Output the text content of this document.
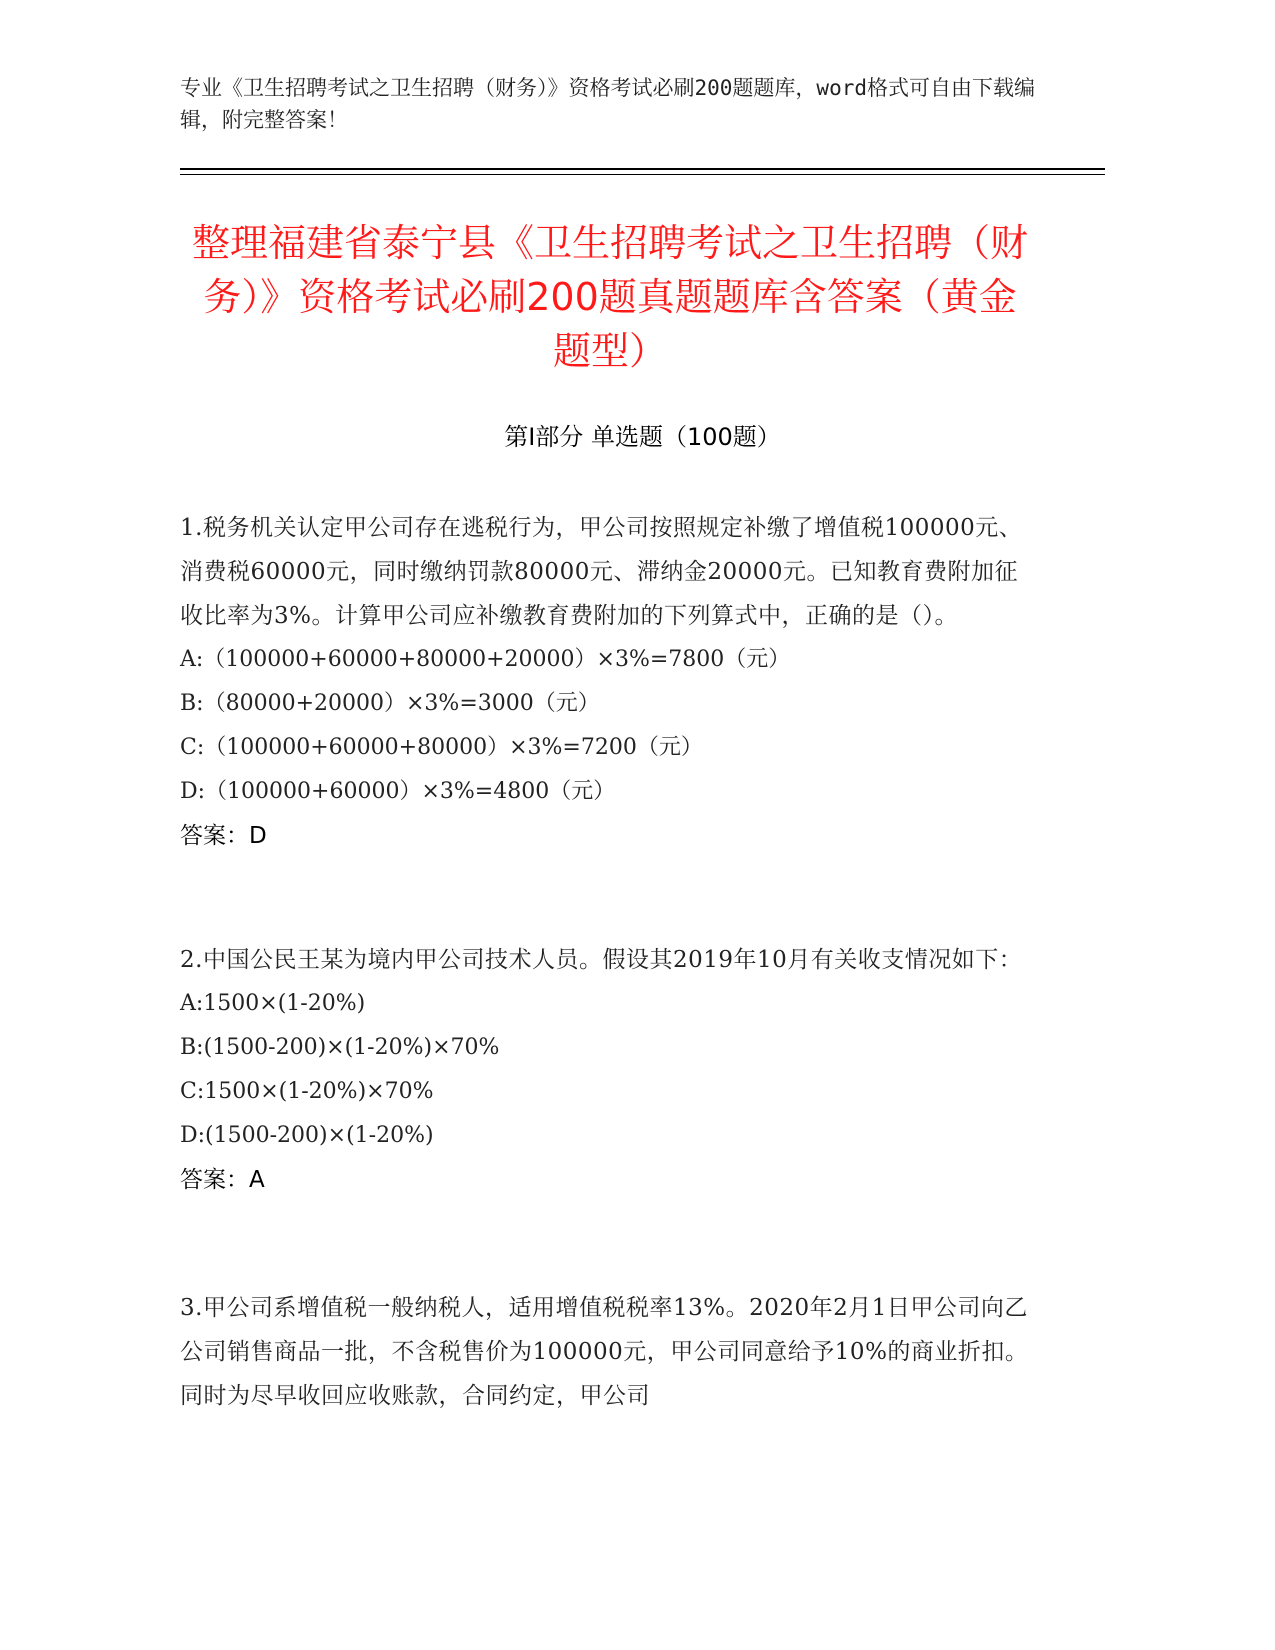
专业《卫生招聘考试之卫生招聘（财务）》资格考试必刷200题题库，word格式可自由下载编辑，附完整答案！
整理福建省泰宁县《卫生招聘考试之卫生招聘（财务）》资格考试必刷200题真题题库含答案（黄金题型）
第Ⅰ部分 单选题（100题）
1.税务机关认定甲公司存在逃税行为，甲公司按照规定补缴了增值税100000元、消费税60000元，同时缴纳罚款80000元、滞纳金20000元。已知教育费附加征收比率为3%。计算甲公司应补缴教育费附加的下列算式中，正确的是（）。
A:（100000+60000+80000+20000）×3%=7800（元）
B:（80000+20000）×3%=3000（元）
C:（100000+60000+80000）×3%=7200（元）
D:（100000+60000）×3%=4800（元）
答案：D
2.中国公民王某为境内甲公司技术人员。假设其2019年10月有关收支情况如下：
A:1500×(1-20%)
B:(1500-200)×(1-20%)×70%
C:1500×(1-20%)×70%
D:(1500-200)×(1-20%)
答案：A
3.甲公司系增值税一般纳税人，适用增值税税率13%。2020年2月1日甲公司向乙公司销售商品一批，不含税售价为100000元，甲公司同意给予10%的商业折扣。同时为尽早收回应收账款，合同约定，甲公司
